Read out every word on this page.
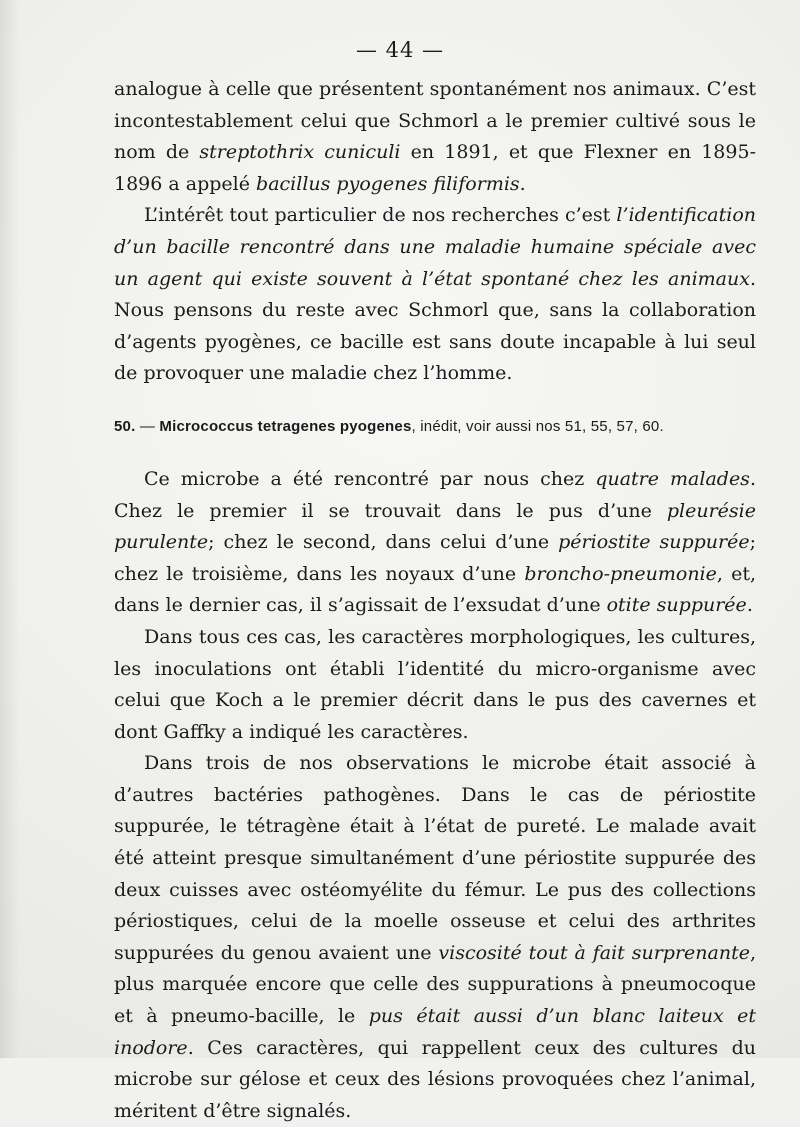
— 44 —

analogue à celle que présentent spontanément nos animaux. C’est incontestablement celui que Schmorl a le premier cultivé sous le nom de streptothrix cuniculi en 1891, et que Flexner en 1895-1896 a appelé bacillus pyogenes filiformis.

L’intérêt tout particulier de nos recherches c’est l’identification d’un bacille rencontré dans une maladie humaine spéciale avec un agent qui existe souvent à l’état spontané chez les animaux. Nous pensons du reste avec Schmorl que, sans la collaboration d’agents pyogènes, ce bacille est sans doute incapable à lui seul de provoquer une maladie chez l’homme.

50. — Micrococcus tetragenes pyogenes, inédit, voir aussi nos 51, 55, 57, 60.

Ce microbe a été rencontré par nous chez quatre malades. Chez le premier il se trouvait dans le pus d’une pleurésie purulente; chez le second, dans celui d’une périostite suppurée; chez le troisième, dans les noyaux d’une broncho-pneumonie, et, dans le dernier cas, il s’agissait de l’exsudat d’une otite suppurée.

Dans tous ces cas, les caractères morphologiques, les cultures, les inoculations ont établi l’identité du micro-organisme avec celui que Koch a le premier décrit dans le pus des cavernes et dont Gaffky a indiqué les caractères.

Dans trois de nos observations le microbe était associé à d’autres bactéries pathogènes. Dans le cas de périostite suppurée, le tétragène était à l’état de pureté. Le malade avait été atteint presque simultanément d’une périostite suppurée des deux cuisses avec ostéomyélite du fémur. Le pus des collections périostiques, celui de la moelle osseuse et celui des arthrites suppurées du genou avaient une viscosité tout à fait surprenante, plus marquée encore que celle des suppurations à pneumocoque et à pneumo-bacille, le pus était aussi d’un blanc laiteux et inodore. Ces caractères, qui rappellent ceux des cultures du microbe sur gélose et ceux des lésions provoquées chez l’animal, méritent d’être signalés.
